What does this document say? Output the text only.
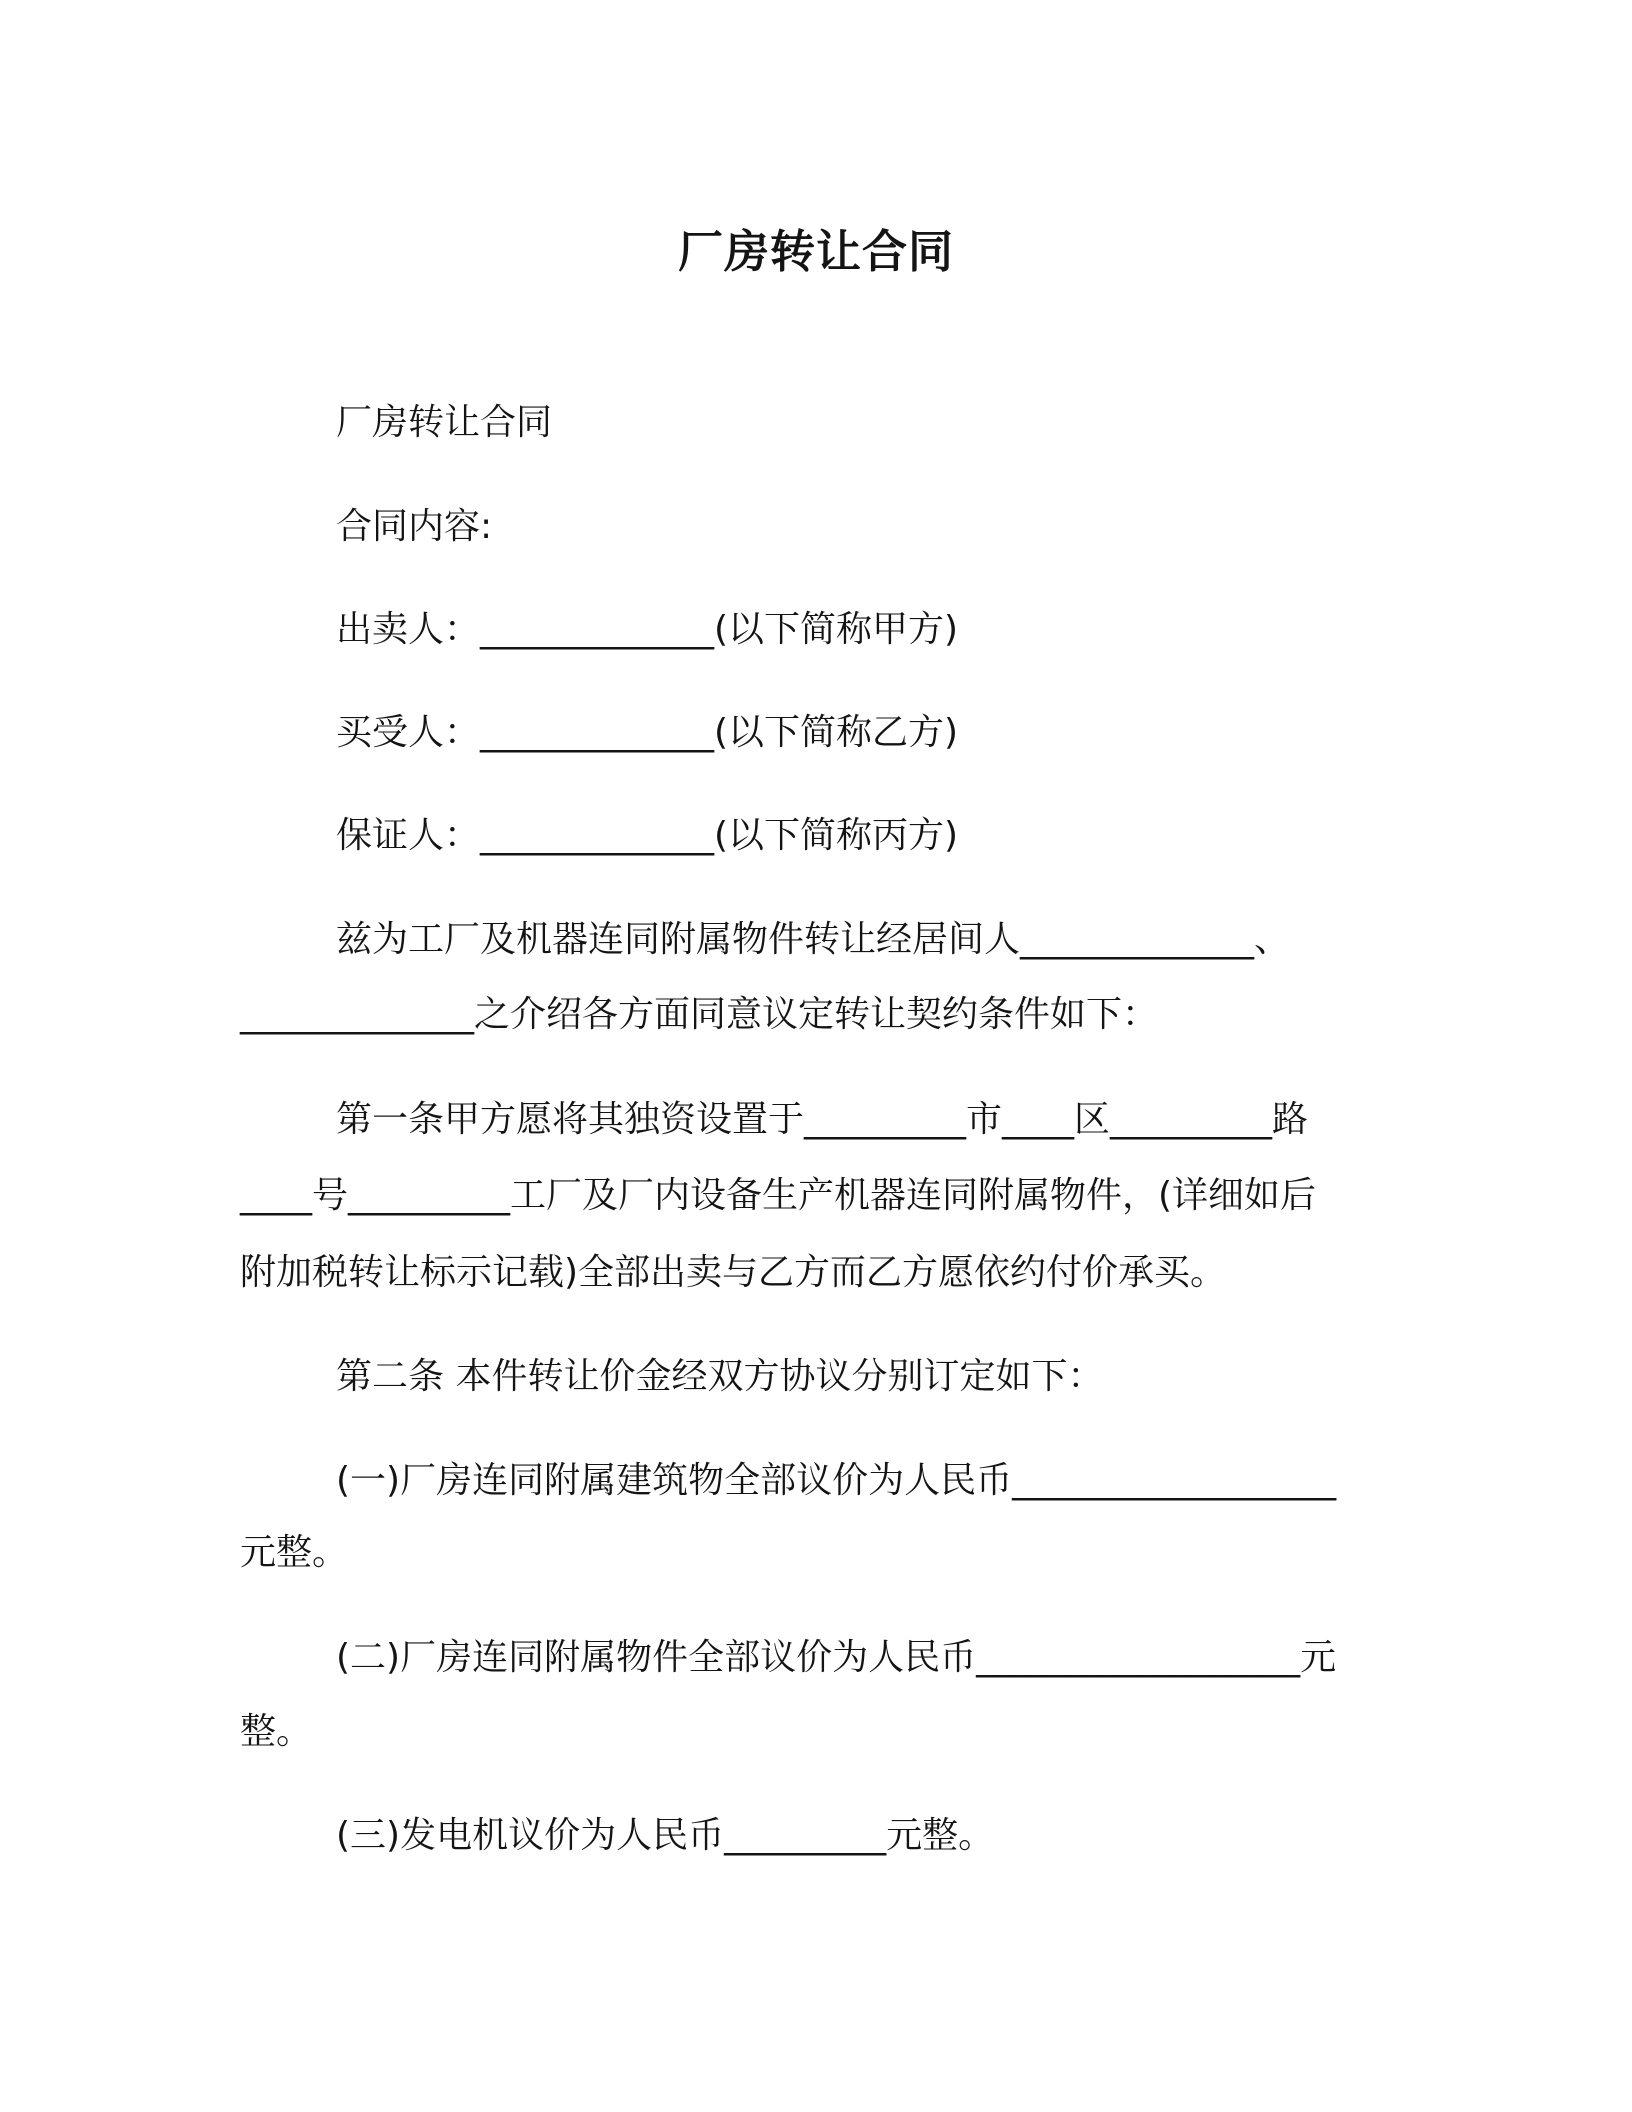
厂房转让合同
厂房转让合同
合同内容:
出卖人：_____________(以下简称甲方)
买受人：_____________(以下简称乙方)
保证人：_____________(以下简称丙方)
兹为工厂及机器连同附属物件转让经居间人_____________、
_____________之介绍各方面同意议定转让契约条件如下：
第一条甲方愿将其独资设置于_________市____区_________路
____号_________工厂及厂内设备生产机器连同附属物件，(详细如后
附加税转让标示记载)全部出卖与乙方而乙方愿依约付价承买。
第二条 本件转让价金经双方协议分别订定如下：
(一)厂房连同附属建筑物全部议价为人民币__________________
元整。
(二)厂房连同附属物件全部议价为人民币__________________元
整。
(三)发电机议价为人民币_________元整。
